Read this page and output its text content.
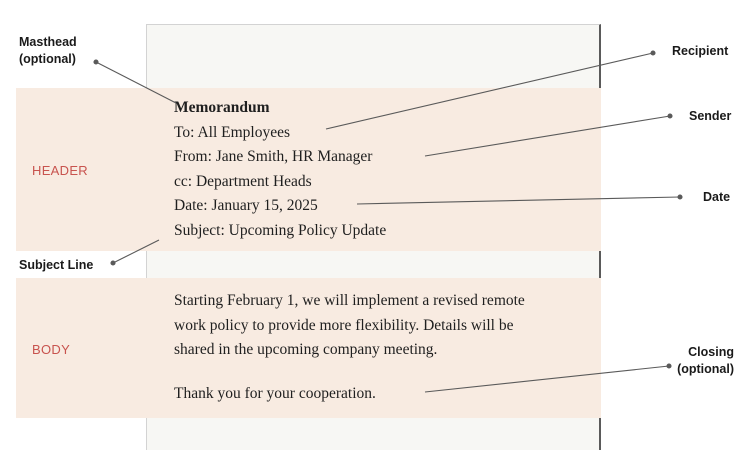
HEADER
BODY
Memorandum
To: All Employees
From: Jane Smith, HR Manager
cc: Department Heads
Date: January 15, 2025
Subject: Upcoming Policy Update
Starting February 1, we will implement a revised remote
work policy to provide more flexibility. Details will be
shared in the upcoming company meeting.
Thank you for your cooperation.
Masthead
(optional)
Subject Line
Recipient
Sender
Date
Closing
(optional)
